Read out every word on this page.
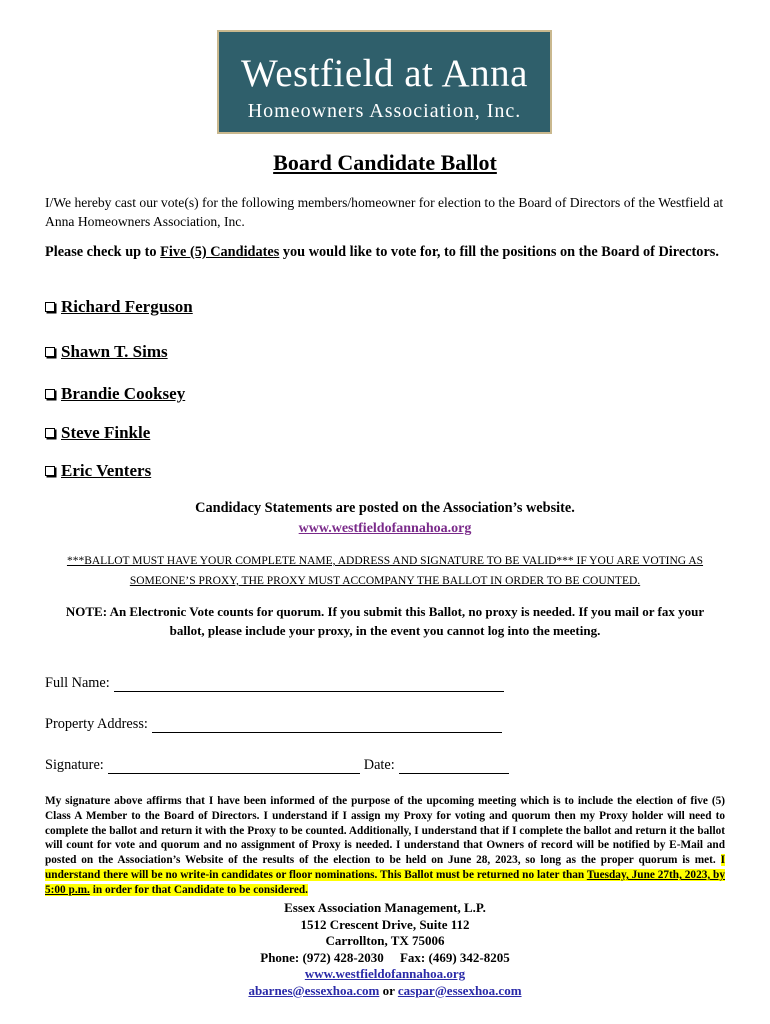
Westfield at Anna
Homeowners Association, Inc.
Board Candidate Ballot
I/We hereby cast our vote(s) for the following members/homeowner for election to the Board of Directors of the Westfield at Anna Homeowners Association, Inc.
Please check up to Five (5) Candidates you would like to vote for, to fill the positions on the Board of Directors.
Richard Ferguson
Shawn T. Sims
Brandie Cooksey
Steve Finkle
Eric Venters
Candidacy Statements are posted on the Association’s website.
www.westfieldofannahoa.org
***BALLOT MUST HAVE YOUR COMPLETE NAME, ADDRESS AND SIGNATURE TO BE VALID*** IF YOU ARE VOTING AS SOMEONE’S PROXY, THE PROXY MUST ACCOMPANY THE BALLOT IN ORDER TO BE COUNTED.
NOTE: An Electronic Vote counts for quorum. If you submit this Ballot, no proxy is needed. If you mail or fax your ballot, please include your proxy, in the event you cannot log into the meeting.
Full Name:
Property Address:
Signature:	Date:
My signature above affirms that I have been informed of the purpose of the upcoming meeting which is to include the election of five (5) Class A Member to the Board of Directors. I understand if I assign my Proxy for voting and quorum then my Proxy holder will need to complete the ballot and return it with the Proxy to be counted. Additionally, I understand that if I complete the ballot and return it the ballot will count for vote and quorum and no assignment of Proxy is needed. I understand that Owners of record will be notified by E-Mail and posted on the Association’s Website of the results of the election to be held on June 28, 2023, so long as the proper quorum is met. I understand there will be no write-in candidates or floor nominations. This Ballot must be returned no later than Tuesday, June 27th, 2023, by 5:00 p.m. in order for that Candidate to be considered.
Essex Association Management, L.P.
1512 Crescent Drive, Suite 112
Carrollton, TX 75006
Phone: (972) 428-2030     Fax: (469) 342-8205
www.westfieldofannahoa.org
abarnes@essexhoa.com or caspar@essexhoa.com
